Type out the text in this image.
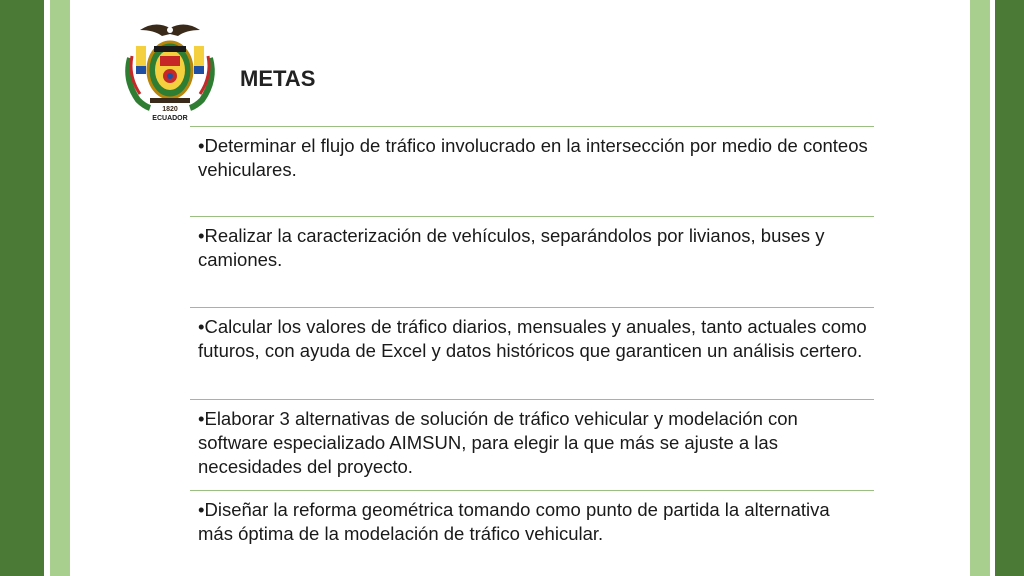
1820
ECUADOR
METAS
•Determinar el flujo de tráfico involucrado en la intersección por medio de conteos vehiculares.
•Realizar la caracterización de vehículos, separándolos por livianos, buses y camiones.
•Calcular los valores de tráfico diarios, mensuales y anuales, tanto actuales como futuros, con ayuda de Excel y datos históricos que garanticen un análisis certero.
•Elaborar 3 alternativas de solución de tráfico vehicular y modelación con software especializado AIMSUN, para elegir la que más se ajuste a las necesidades del proyecto.
•Diseñar la reforma geométrica tomando como punto de partida la alternativa más óptima de la modelación de tráfico vehicular.
